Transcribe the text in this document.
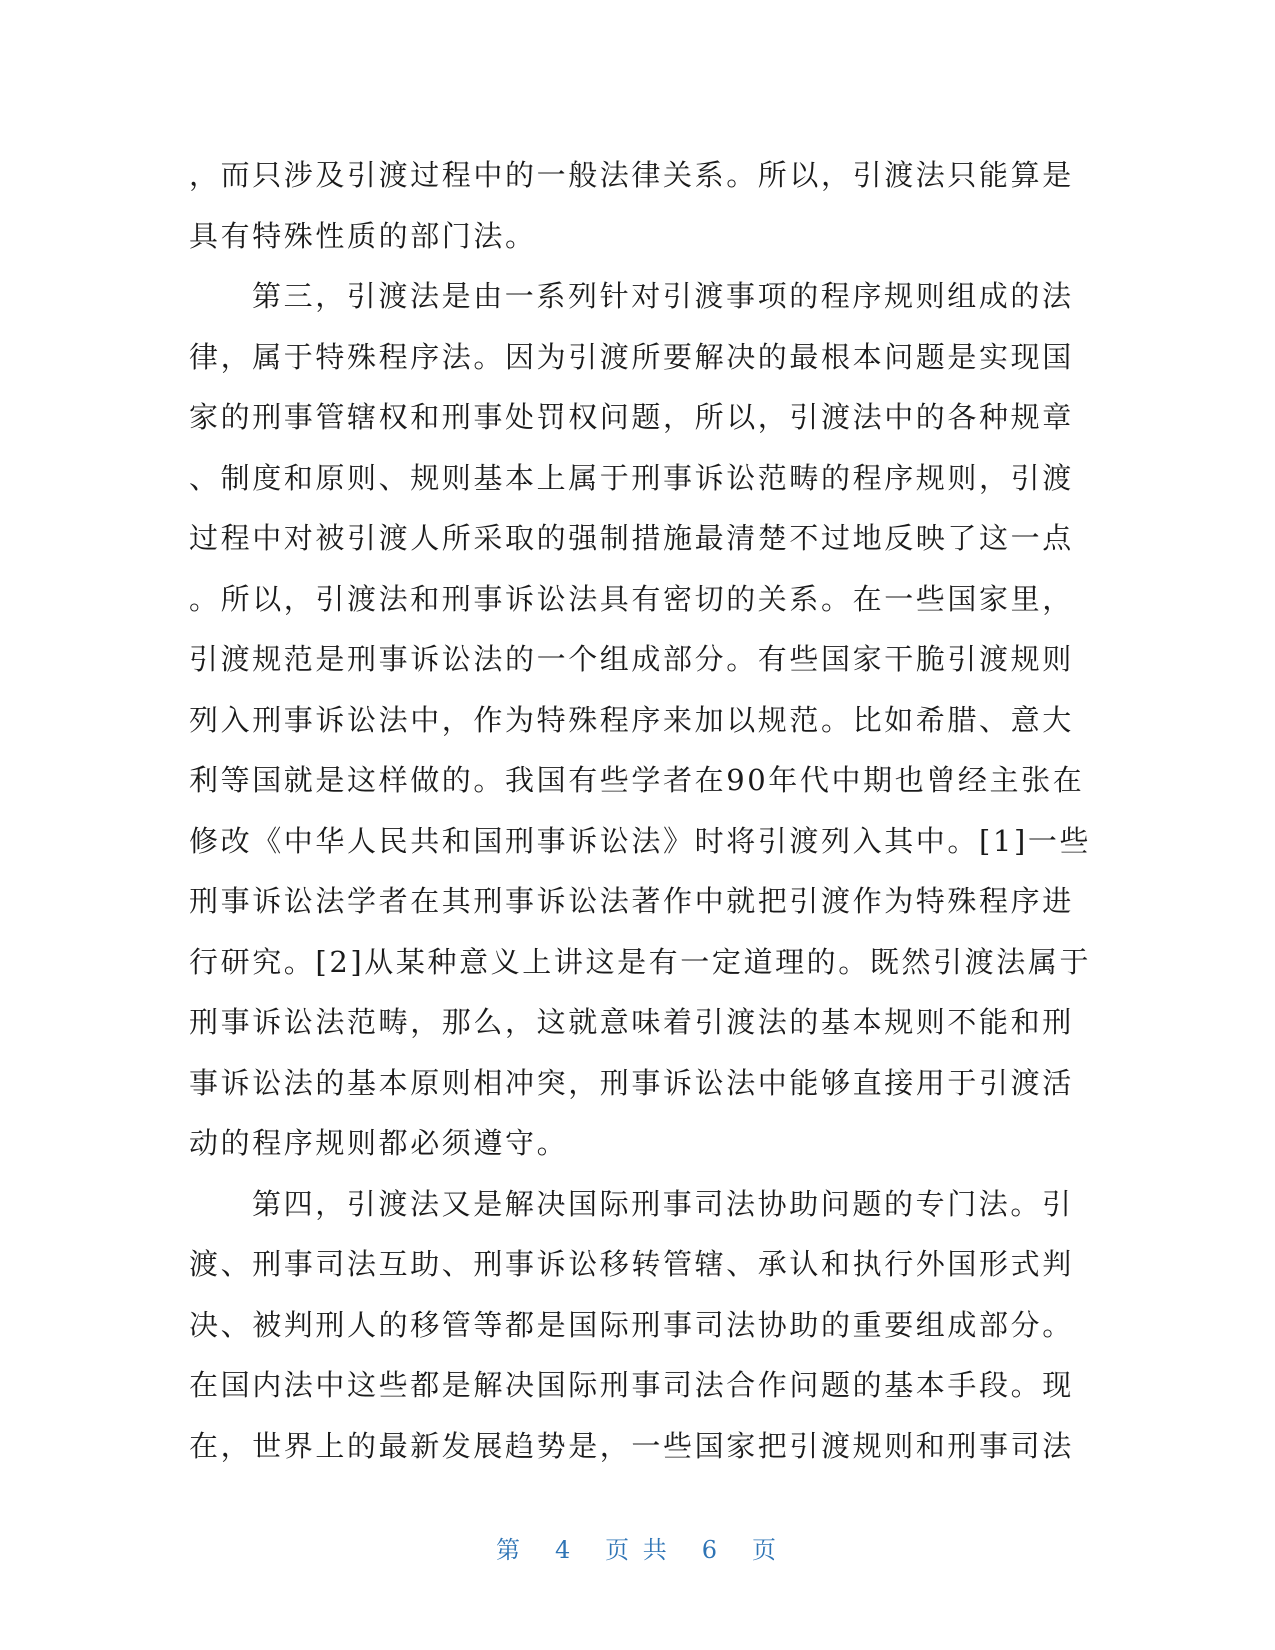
，而只涉及引渡过程中的一般法律关系。所以，引渡法只能算是
具有特殊性质的部门法。
第三，引渡法是由一系列针对引渡事项的程序规则组成的法
律，属于特殊程序法。因为引渡所要解决的最根本问题是实现国
家的刑事管辖权和刑事处罚权问题，所以，引渡法中的各种规章
、制度和原则、规则基本上属于刑事诉讼范畴的程序规则，引渡
过程中对被引渡人所采取的强制措施最清楚不过地反映了这一点
。所以，引渡法和刑事诉讼法具有密切的关系。在一些国家里，
引渡规范是刑事诉讼法的一个组成部分。有些国家干脆引渡规则
列入刑事诉讼法中，作为特殊程序来加以规范。比如希腊、意大
利等国就是这样做的。我国有些学者在90年代中期也曾经主张在
修改《中华人民共和国刑事诉讼法》时将引渡列入其中。[1]一些
刑事诉讼法学者在其刑事诉讼法著作中就把引渡作为特殊程序进
行研究。[2]从某种意义上讲这是有一定道理的。既然引渡法属于
刑事诉讼法范畴，那么，这就意味着引渡法的基本规则不能和刑
事诉讼法的基本原则相冲突，刑事诉讼法中能够直接用于引渡活
动的程序规则都必须遵守。
第四，引渡法又是解决国际刑事司法协助问题的专门法。引
渡、刑事司法互助、刑事诉讼移转管辖、承认和执行外国形式判
决、被判刑人的移管等都是国际刑事司法协助的重要组成部分。
在国内法中这些都是解决国际刑事司法合作问题的基本手段。现
在，世界上的最新发展趋势是，一些国家把引渡规则和刑事司法
第 4 页 共 6 页
